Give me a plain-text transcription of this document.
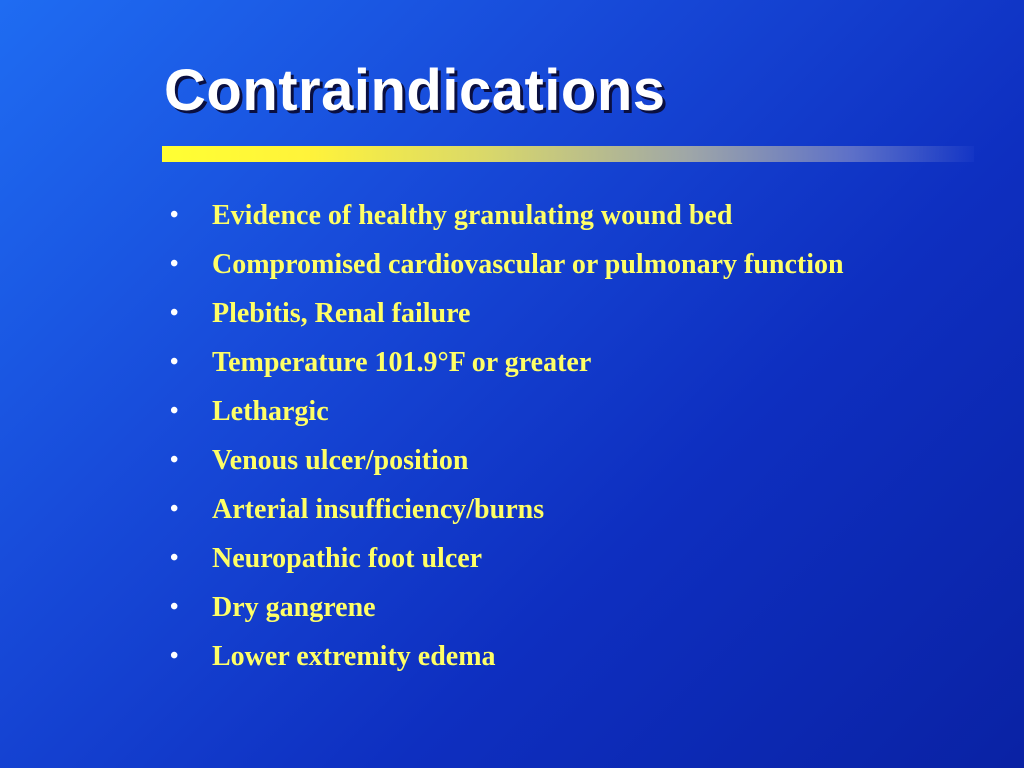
Contraindications
•	Evidence of healthy granulating wound bed
•	Compromised cardiovascular or pulmonary function
•	Plebitis, Renal failure
•	Temperature 101.9°F or greater
•	Lethargic
•	Venous ulcer/position
•	Arterial insufficiency/burns
•	Neuropathic foot ulcer
•	Dry gangrene
•	Lower extremity edema
